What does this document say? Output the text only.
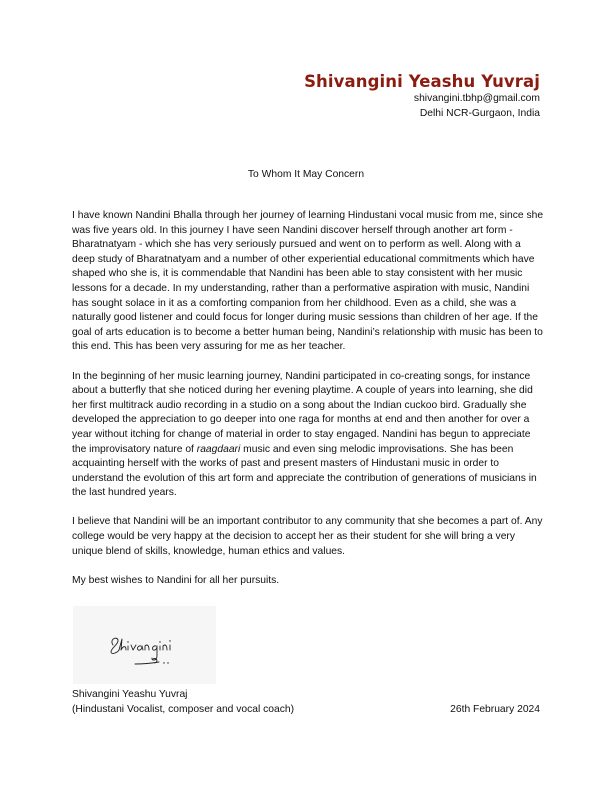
Shivangini Yeashu Yuvraj
shivangini.tbhp@gmail.com
Delhi NCR-Gurgaon, India
To Whom It May Concern

I have known Nandini Bhalla through her journey of learning Hindustani vocal music from me, since she was five years old. In this journey I have seen Nandini discover herself through another art form - Bharatnatyam - which she has very seriously pursued and went on to perform as well. Along with a deep study of Bharatnatyam and a number of other experiential educational commitments which have shaped who she is, it is commendable that Nandini has been able to stay consistent with her music lessons for a decade. In my understanding, rather than a performative aspiration with music, Nandini has sought solace in it as a comforting companion from her childhood. Even as a child, she was a naturally good listener and could focus for longer during music sessions than children of her age. If the goal of arts education is to become a better human being, Nandini’s relationship with music has been to this end. This has been very assuring for me as her teacher.

In the beginning of her music learning journey, Nandini participated in co-creating songs, for instance about a butterfly that she noticed during her evening playtime. A couple of years into learning, she did her first multitrack audio recording in a studio on a song about the Indian cuckoo bird. Gradually she developed the appreciation to go deeper into one raga for months at end and then another for over a year without itching for change of material in order to stay engaged. Nandini has begun to appreciate the improvisatory nature of raagdaari music and even sing melodic improvisations. She has been acquainting herself with the works of past and present masters of Hindustani music in order to understand the evolution of this art form and appreciate the contribution of generations of musicians in the last hundred years.

I believe that Nandini will be an important contributor to any community that she becomes a part of. Any college would be very happy at the decision to accept her as their student for she will bring a very unique blend of skills, knowledge, human ethics and values.

My best wishes to Nandini for all her pursuits.

Shivangini Yeashu Yuvraj
(Hindustani Vocalist, composer and vocal coach)	26th February 2024
